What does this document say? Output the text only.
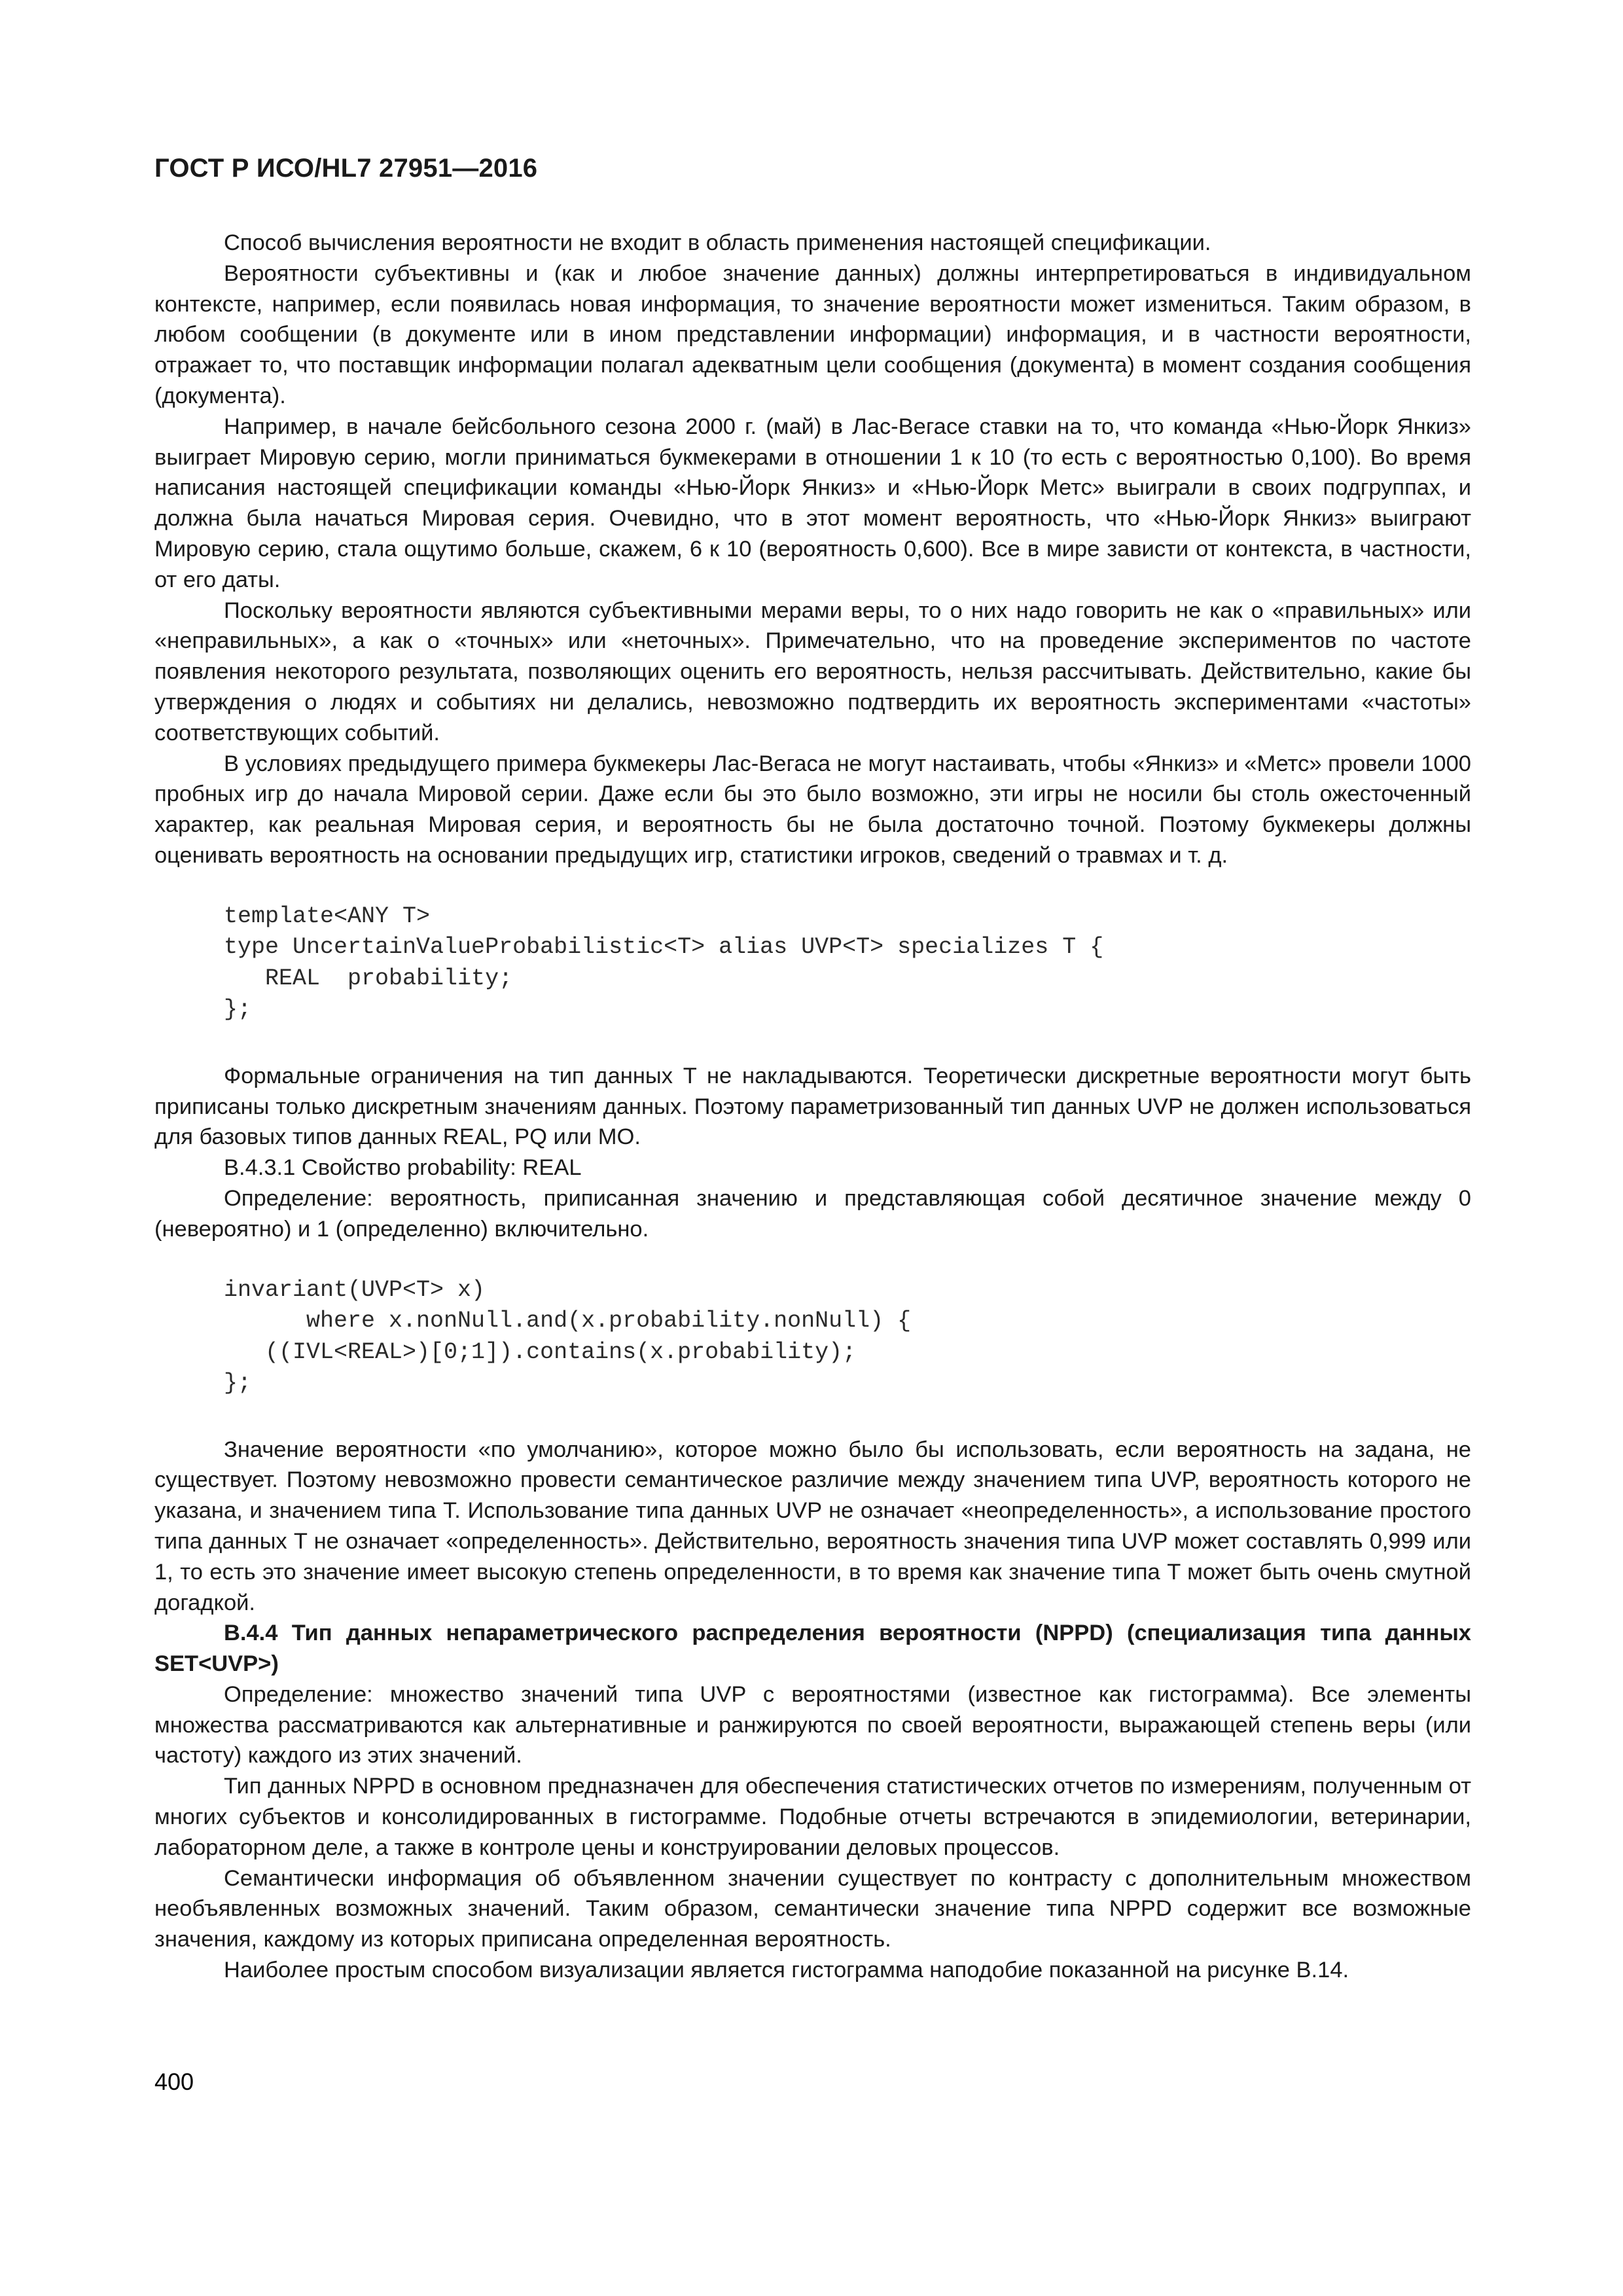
ГОСТ Р ИСО/HL7 27951—2016

Способ вычисления вероятности не входит в область применения настоящей спецификации.

Вероятности субъективны и (как и любое значение данных) должны интерпретироваться в индивидуальном контексте, например, если появилась новая информация, то значение вероятности может измениться. Таким образом, в любом сообщении (в документе или в ином представлении информации) информация, и в частности вероятности, отражает то, что поставщик информации полагал адекватным цели сообщения (документа) в момент создания сообщения (документа).

Например, в начале бейсбольного сезона 2000 г. (май) в Лас-Вегасе ставки на то, что команда «Нью-Йорк Янкиз» выиграет Мировую серию, могли приниматься букмекерами в отношении 1 к 10 (то есть с вероятностью 0,100). Во время написания настоящей спецификации команды «Нью-Йорк Янкиз» и «Нью-Йорк Метс» выиграли в своих подгруппах, и должна была начаться Мировая серия. Очевидно, что в этот момент вероятность, что «Нью-Йорк Янкиз» выиграют Мировую серию, стала ощутимо больше, скажем, 6 к 10 (вероятность 0,600). Все в мире зависти от контекста, в частности, от его даты.

Поскольку вероятности являются субъективными мерами веры, то о них надо говорить не как о «правильных» или «неправильных», а как о «точных» или «неточных». Примечательно, что на проведение экспериментов по частоте появления некоторого результата, позволяющих оценить его вероятность, нельзя рассчитывать. Действительно, какие бы утверждения о людях и событиях ни делались, невозможно подтвердить их вероятность экспериментами «частоты» соответствующих событий.

В условиях предыдущего примера букмекеры Лас-Вегаса не могут настаивать, чтобы «Янкиз» и «Метс» провели 1000 пробных игр до начала Мировой серии. Даже если бы это было возможно, эти игры не носили бы столь ожесточенный характер, как реальная Мировая серия, и вероятность бы не была достаточно точной. Поэтому букмекеры должны оценивать вероятность на основании предыдущих игр, статистики игроков, сведений о травмах и т. д.

template<ANY T>
type UncertainValueProbabilistic<T> alias UVP<T> specializes T {
REAL  probability;
};

Формальные ограничения на тип данных T не накладываются. Теоретически дискретные вероятности могут быть приписаны только дискретным значениям данных. Поэтому параметризованный тип данных UVP не должен использоваться для базовых типов данных REAL, PQ или MO.

B.4.3.1 Свойство probability: REAL

Определение: вероятность, приписанная значению и представляющая собой десятичное значение между 0 (невероятно) и 1 (определенно) включительно.

invariant(UVP<T> x)
where x.nonNull.and(x.probability.nonNull) {
((IVL<REAL>)[0;1]).contains(x.probability);
};

Значение вероятности «по умолчанию», которое можно было бы использовать, если вероятность на задана, не существует. Поэтому невозможно провести семантическое различие между значением типа UVP, вероятность которого не указана, и значением типа T. Использование типа данных UVP не означает «неопределенность», а использование простого типа данных T не означает «определенность». Действительно, вероятность значения типа UVP может составлять 0,999 или 1, то есть это значение имеет высокую степень определенности, в то время как значение типа T может быть очень смутной догадкой.

B.4.4 Тип данных непараметрического распределения вероятности (NPPD) (специализация типа данных SET<UVP>)

Определение: множество значений типа UVP с вероятностями (известное как гистограмма). Все элементы множества рассматриваются как альтернативные и ранжируются по своей вероятности, выражающей степень веры (или частоту) каждого из этих значений.

Тип данных NPPD в основном предназначен для обеспечения статистических отчетов по измерениям, полученным от многих субъектов и консолидированных в гистограмме. Подобные отчеты встречаются в эпидемиологии, ветеринарии, лабораторном деле, а также в контроле цены и конструировании деловых процессов.

Семантически информация об объявленном значении существует по контрасту с дополнительным множеством необъявленных возможных значений. Таким образом, семантически значение типа NPPD содержит все возможные значения, каждому из которых приписана определенная вероятность.

Наиболее простым способом визуализации является гистограмма наподобие показанной на рисунке B.14.

400
